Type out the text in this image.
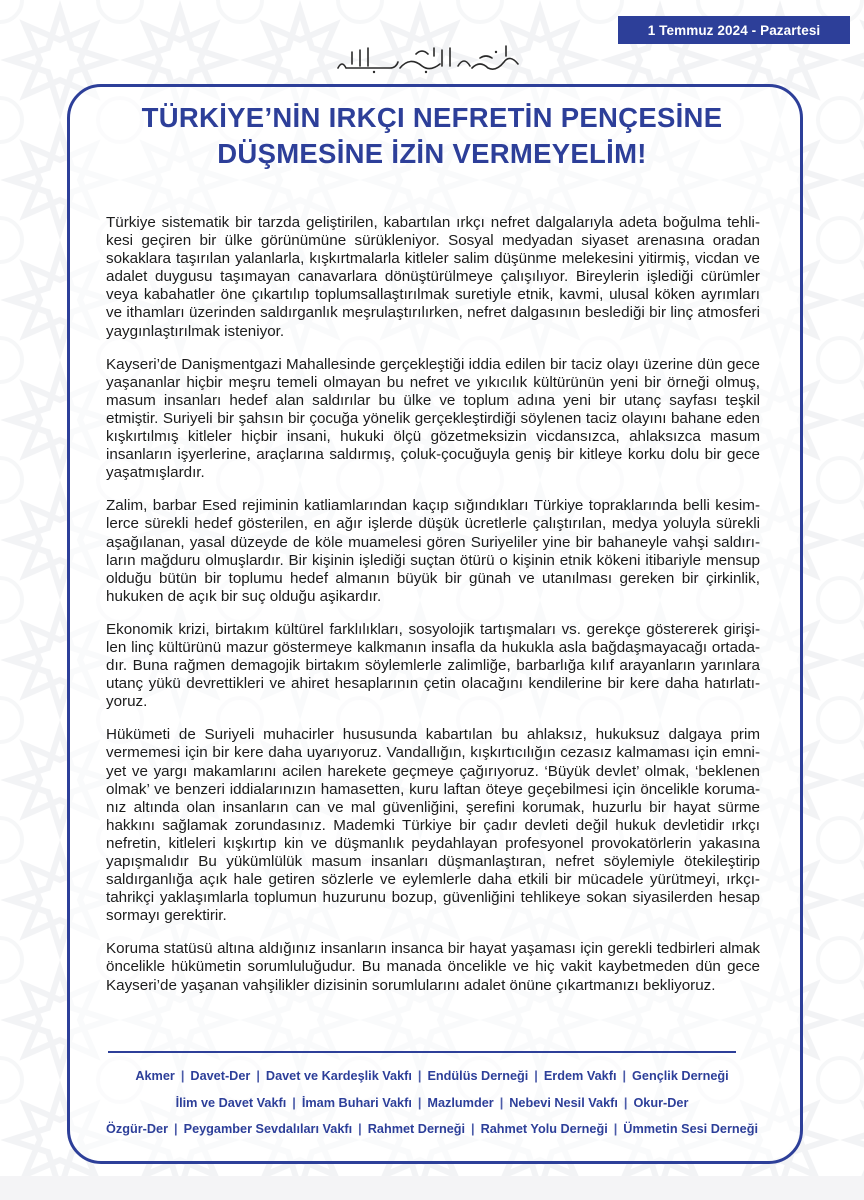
1 Temmuz 2024 - Pazartesi
TÜRKİYE’NİN IRKÇI NEFRETİN PENÇESİNE
DÜŞMESİNE İZİN VERMEYELİM!

Türkiye sistematik bir tarzda geliştirilen, kabartılan ırkçı nefret dalgalarıyla adeta boğulma tehlikesi geçiren bir ülke görünümüne sürükleniyor. Sosyal medyadan siyaset arenasına oradan sokaklara taşırılan yalanlarla, kışkırtmalarla kitleler salim düşünme melekesini yitirmiş, vicdan ve adalet duygusu taşımayan canavarlara dönüştürülmeye çalışılıyor. Bireylerin işlediği cürümler veya kabahatler öne çıkartılıp toplumsallaştırılmak suretiyle etnik, kavmi, ulusal köken ayrımları ve ithamları üzerinden saldırganlık meşrulaştırılırken, nefret dalgasının beslediği bir linç atmosferi yaygınlaştırılmak isteniyor.

Kayseri’de Danişmentgazi Mahallesinde gerçekleştiği iddia edilen bir taciz olayı üzerine dün gece yaşananlar hiçbir meşru temeli olmayan bu nefret ve yıkıcılık kültürünün yeni bir örneği olmuş, masum insanları hedef alan saldırılar bu ülke ve toplum adına yeni bir utanç sayfası teşkil etmiştir. Suriyeli bir şahsın bir çocuğa yönelik gerçekleştirdiği söylenen taciz olayını bahane eden kışkırtılmış kitleler hiçbir insani, hukuki ölçü gözetmeksizin vicdansızca, ahlaksızca masum insanların işyerlerine, araçlarına saldırmış, çoluk-çocuğuyla geniş bir kitleye korku dolu bir gece yaşatmışlardır.

Zalim, barbar Esed rejiminin katliamlarından kaçıp sığındıkları Türkiye topraklarında belli kesimlerce sürekli hedef gösterilen, en ağır işlerde düşük ücretlerle çalıştırılan, medya yoluyla sürekli aşağılanan, yasal düzeyde de köle muamelesi gören Suriyeliler yine bir bahaneyle vahşi saldırıların mağduru olmuşlardır. Bir kişinin işlediği suçtan ötürü o kişinin etnik kökeni itibariyle mensup olduğu bütün bir toplumu hedef almanın büyük bir günah ve utanılması gereken bir çirkinlik, hukuken de açık bir suç olduğu aşikardır.

Ekonomik krizi, birtakım kültürel farklılıkları, sosyolojik tartışmaları vs. gerekçe göstererek girişilen linç kültürünü mazur göstermeye kalkmanın insafla da hukukla asla bağdaşmayacağı ortadadır. Buna rağmen demagojik birtakım söylemlerle zalimliğe, barbarlığa kılıf arayanların yarınlara utanç yükü devrettikleri ve ahiret hesaplarının çetin olacağını kendilerine bir kere daha hatırlatıyoruz.

Hükümeti de Suriyeli muhacirler hususunda kabartılan bu ahlaksız, hukuksuz dalgaya prim vermemesi için bir kere daha uyarıyoruz. Vandallığın, kışkırtıcılığın cezasız kalmaması için emniyet ve yargı makamlarını acilen harekete geçmeye çağırıyoruz. ‘Büyük devlet’ olmak, ‘beklenen olmak’ ve benzeri iddialarınızın hamasetten, kuru laftan öteye geçebilmesi için öncelikle korumanız altında olan insanların can ve mal güvenliğini, şerefini korumak, huzurlu bir hayat sürme hakkını sağlamak zorundasınız. Mademki Türkiye bir çadır devleti değil hukuk devletidir ırkçı nefretin, kitleleri kışkırtıp kin ve düşmanlık peydahlayan profesyonel provokatörlerin yakasına yapışmalıdır Bu yükümlülük masum insanları düşmanlaştıran, nefret söylemiyle ötekileştirip saldırganlığa açık hale getiren sözlerle ve eylemlerle daha etkili bir mücadele yürütmeyi, ırkçı-tahrikçi yaklaşımlarla toplumun huzurunu bozup, güvenliğini tehlikeye sokan siyasilerden hesap sormayı gerektirir.

Koruma statüsü altına aldığınız insanların insanca bir hayat yaşaması için gerekli tedbirleri almak öncelikle hükümetin sorumluluğudur. Bu manada öncelikle ve hiç vakit kaybetmeden dün gece Kayseri’de yaşanan vahşilikler dizisinin sorumlularını adalet önüne çıkartmanızı bekliyoruz.

Akmer | Davet-Der | Davet ve Kardeşlik Vakfı | Endülüs Derneği | Erdem Vakfı | Gençlik Derneği
İlim ve Davet Vakfı | İmam Buhari Vakfı | Mazlumder | Nebevi Nesil Vakfı | Okur-Der
Özgür-Der | Peygamber Sevdalıları Vakfı | Rahmet Derneği | Rahmet Yolu Derneği | Ümmetin Sesi Derneği
